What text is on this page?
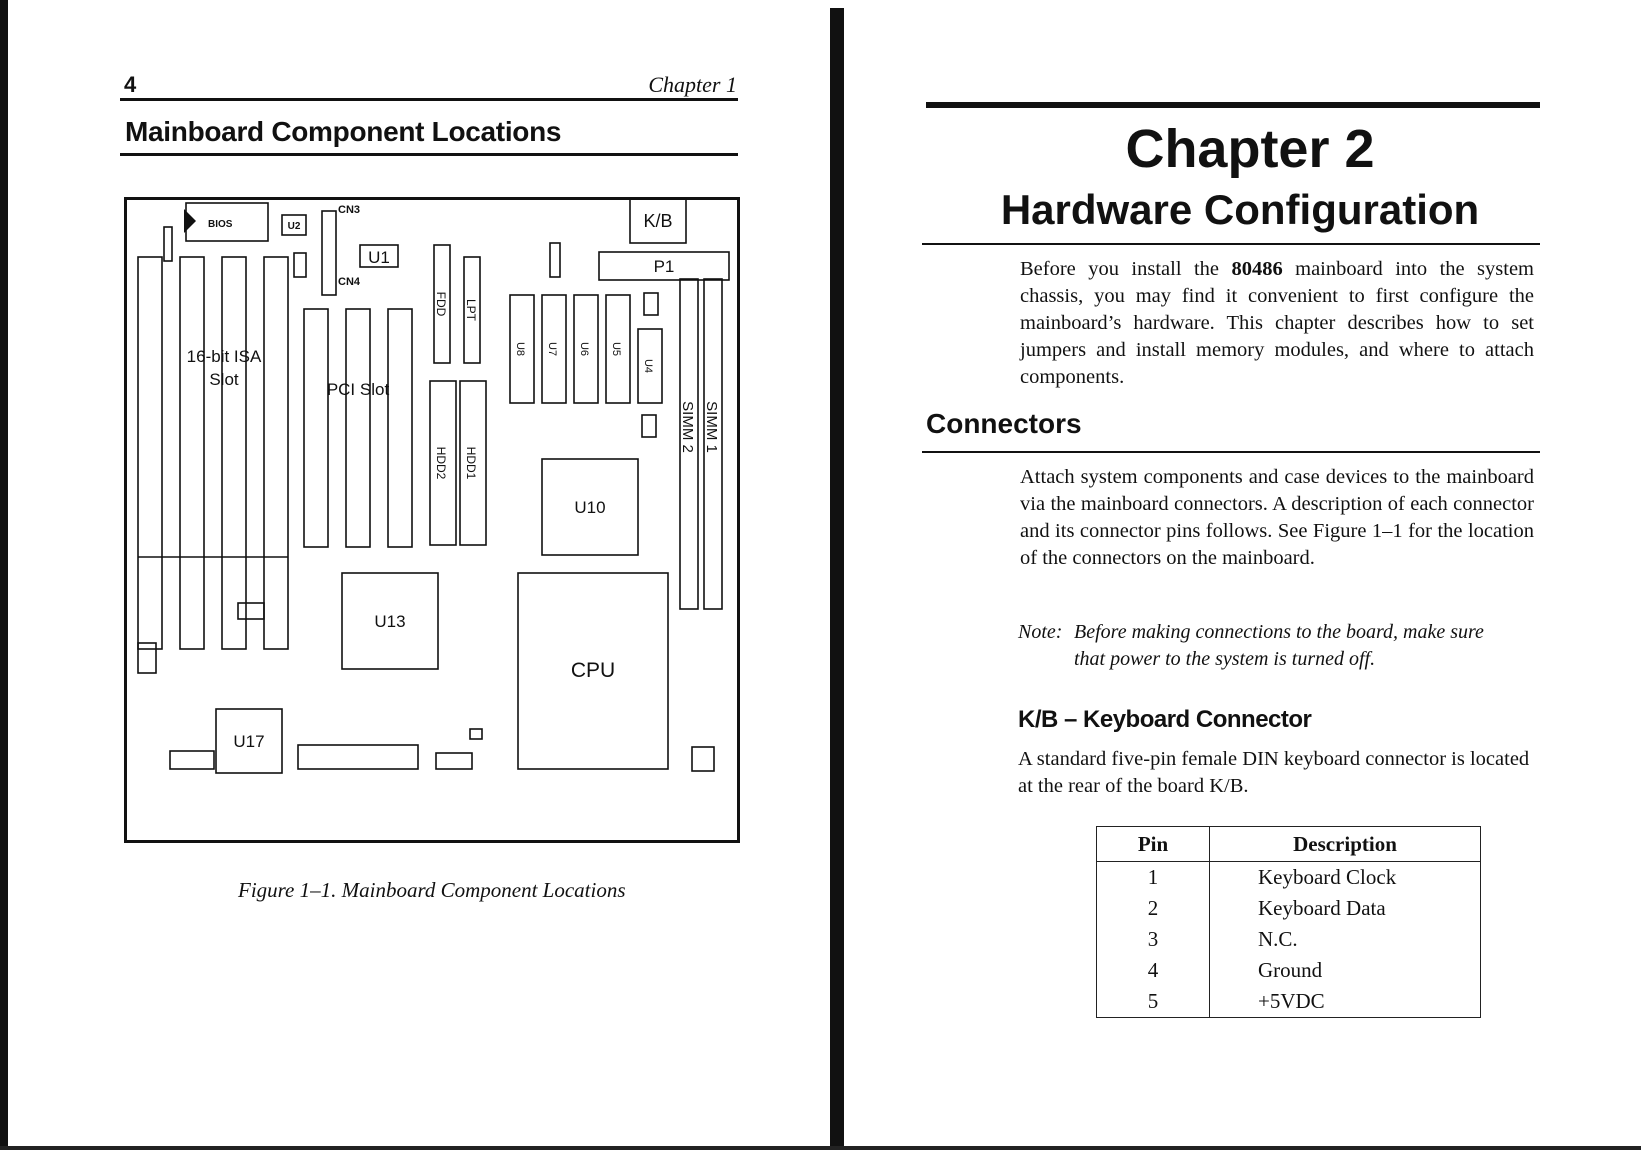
4	Chapter 1
Mainboard Component Locations
BIOS	U2
CN3
CN4
U1
K/B
P1
16-bit ISA
Slot
PCI Slot
FDD LPT
HDD2 HDD1
U8 U7 U6 U5
U4
SIMM 2 SIMM 1
U10
U13
CPU
U17
Figure 1–1. Mainboard Component Locations
Chapter 2
Hardware Configuration
Before you install the 80486 mainboard into the system chassis, you may find it convenient to first configure the mainboard’s hardware. This chapter describes how to set jumpers and install memory modules, and where to attach components.
Connectors
Attach system components and case devices to the mainboard via the mainboard connectors. A description of each connector and its connector pins follows. See Figure 1–1 for the location of the connectors on the mainboard.
Note: Before making connections to the board, make sure
that power to the system is turned off.
K/B – Keyboard Connector
A standard five-pin female DIN keyboard connector is located at the rear of the board K/B.
Pin	Description
1	Keyboard Clock
2	Keyboard Data
3	N.C.
4	Ground
5	+5VDC
